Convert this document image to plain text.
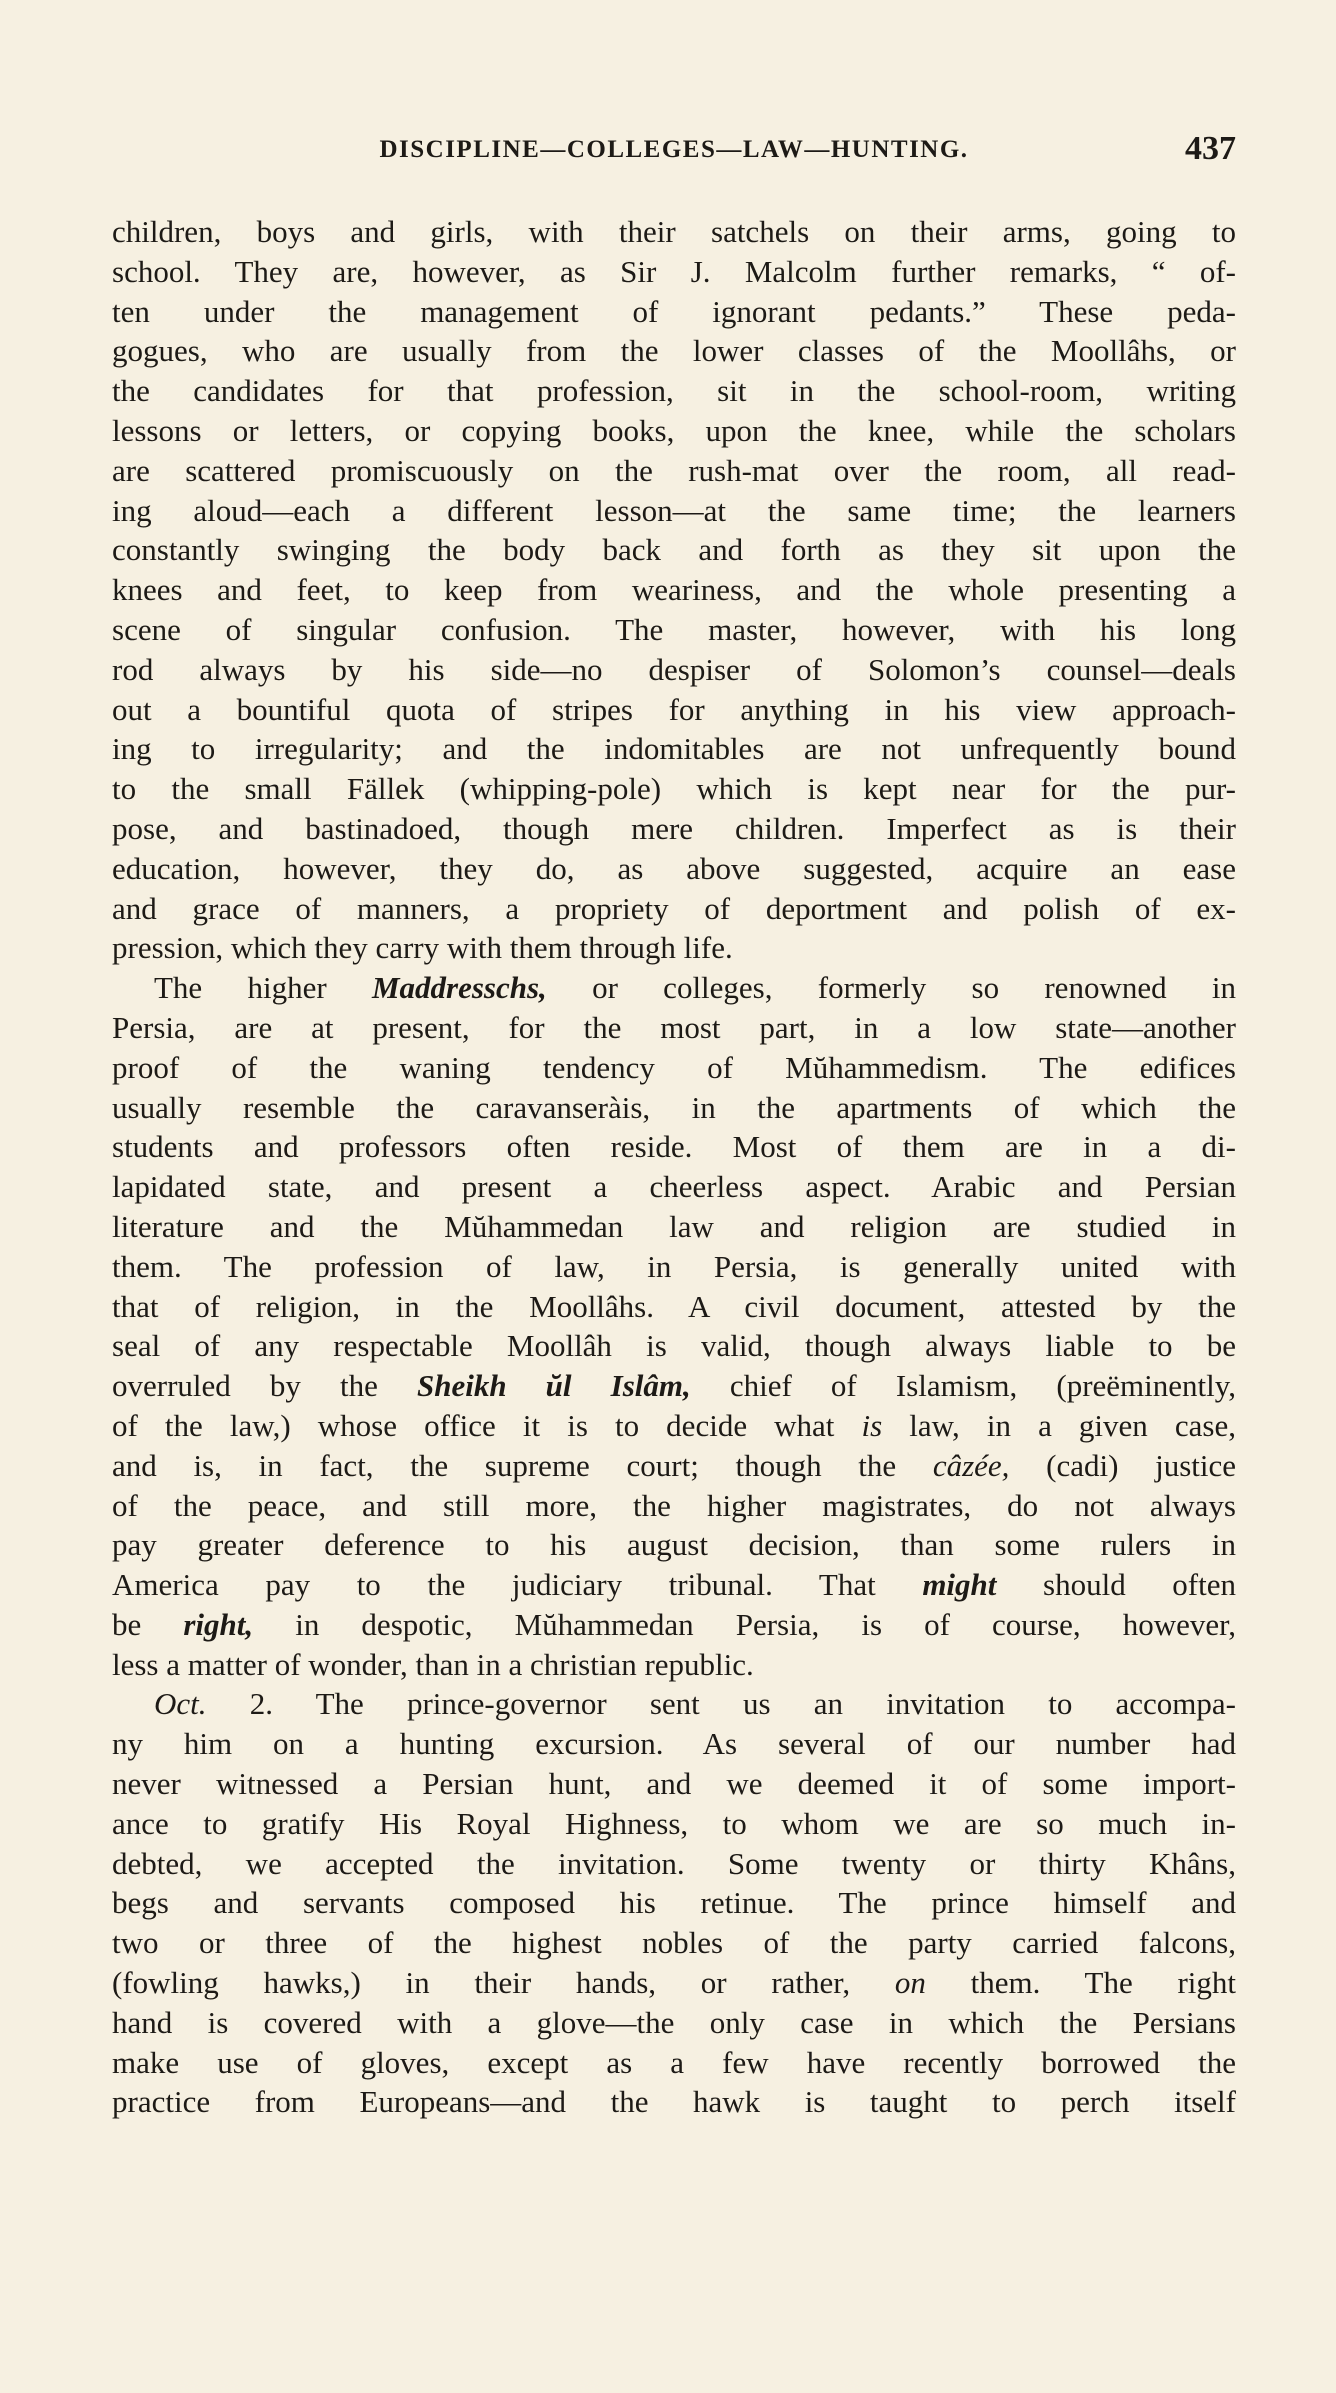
DISCIPLINE—COLLEGES—LAW—HUNTING.	437
children, boys and girls, with their satchels on their arms, going to
school. They are, however, as Sir J. Malcolm further remarks, “ of-
ten under the management of ignorant pedants.” These peda-
gogues, who are usually from the lower classes of the Moollâhs, or
the candidates for that profession, sit in the school-room, writing
lessons or letters, or copying books, upon the knee, while the scholars
are scattered promiscuously on the rush-mat over the room, all read-
ing aloud—each a different lesson—at the same time; the learners
constantly swinging the body back and forth as they sit upon the
knees and feet, to keep from weariness, and the whole presenting a
scene of singular confusion. The master, however, with his long
rod always by his side—no despiser of Solomon’s counsel—deals
out a bountiful quota of stripes for anything in his view approach-
ing to irregularity; and the indomitables are not unfrequently bound
to the small Fällek (whipping-pole) which is kept near for the pur-
pose, and bastinadoed, though mere children. Imperfect as is their
education, however, they do, as above suggested, acquire an ease
and grace of manners, a propriety of deportment and polish of ex-
pression, which they carry with them through life.
The higher Maddresschs, or colleges, formerly so renowned in
Persia, are at present, for the most part, in a low state—another
proof of the waning tendency of Mŭhammedism. The edifices
usually resemble the caravanseràis, in the apartments of which the
students and professors often reside. Most of them are in a di-
lapidated state, and present a cheerless aspect. Arabic and Persian
literature and the Mŭhammedan law and religion are studied in
them. The profession of law, in Persia, is generally united with
that of religion, in the Moollâhs. A civil document, attested by the
seal of any respectable Moollâh is valid, though always liable to be
overruled by the Sheikh ŭl Islâm, chief of Islamism, (preëminently,
of the law,) whose office it is to decide what is law, in a given case,
and is, in fact, the supreme court; though the câzée, (cadi) justice
of the peace, and still more, the higher magistrates, do not always
pay greater deference to his august decision, than some rulers in
America pay to the judiciary tribunal. That might should often
be right, in despotic, Mŭhammedan Persia, is of course, however,
less a matter of wonder, than in a christian republic.
Oct. 2. The prince-governor sent us an invitation to accompa-
ny him on a hunting excursion. As several of our number had
never witnessed a Persian hunt, and we deemed it of some import-
ance to gratify His Royal Highness, to whom we are so much in-
debted, we accepted the invitation. Some twenty or thirty Khâns,
begs and servants composed his retinue. The prince himself and
two or three of the highest nobles of the party carried falcons,
(fowling hawks,) in their hands, or rather, on them. The right
hand is covered with a glove—the only case in which the Persians
make use of gloves, except as a few have recently borrowed the
practice from Europeans—and the hawk is taught to perch itself
